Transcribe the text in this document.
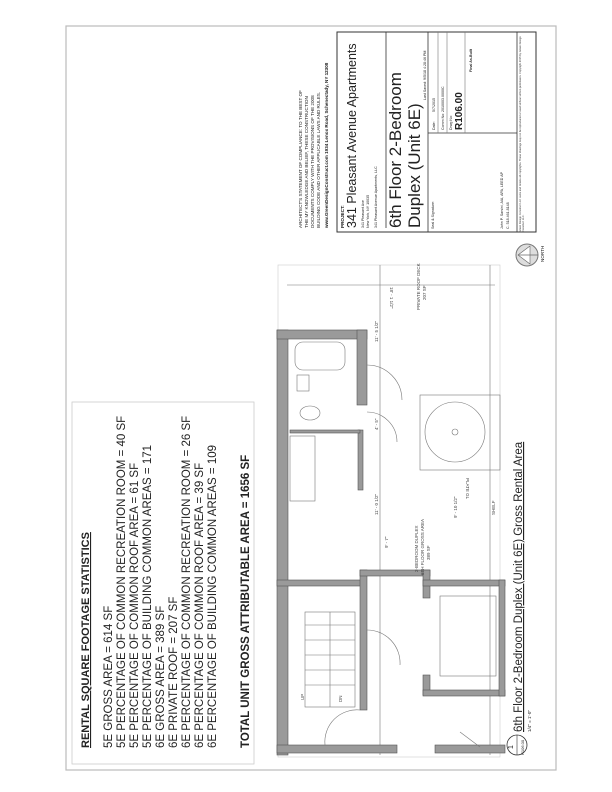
RENTAL SQUARE FOOTAGE STATISTICS 5E GROSS AREA = 614 SF 5E PERCENTAGE OF COMMON RECREATION ROOM = 40 SF 5E PERCENTAGE OF COMMON ROOF AREA = 61 SF 5E PERCENTAGE OF BUILDING COMMON AREAS = 171 6E GROSS AREA = 389 SF 6E PRIVATE ROOF = 207 SF 6E PERCENTAGE OF COMMON RECREATION ROOM = 26 SF 6E PERCENTAGE OF COMMON ROOF AREA = 39 SF 6E PERCENTAGE OF BUILDING COMMON AREAS = 109 TOTAL UNIT GROSS ATTRIBUTABLE AREA = 1656 SF
ARCHITECT'S STATEMENT OF COMPLIANCE: TO THE BEST OF THE MY KNOWLEDGE AND BELIEF, THESE CONSTRUCTION DOCUMENTS COMPLY WITH THE PROVISIONS OF THE 2008 BUILDING CODE AND OTHER APPLICABLE LAWS AND RULES. www.GreenDesignConstruct.com 1934 Lenox Road, Schenectady, NY 12308 PROJECT: 341 Pleasant Avenue Apartments 341 Pleasant Ave New York, NY 10035 341 Pleasant Avenue Apartments, LLC 6th Floor 2-Bedroom Duplex (Unit 6E)
Last Saved: 9/5/18 4:28:46 PM
Seal & Signature:
Date:
5/7/2015
Comm No:
2010003.0000C
Drwg No: R106.00
Final As-Built
John P. Sarsini, AIA, APA, LEED AP C. 518.461.8148	Green Design Construct LLC owns and retains all copyrights. These drawings may not be reproduced or used without written permission. Copyright 2015 by Green Design Construct LLC.
NORTH
UP	DN
PRIVATE ROOF DECK 207 SF
2-BEDROOM DUPLEX 6TH FLOOR GROSS AREA 389 SF
PLATE GL
SHELF
18' - 1 1/2"
11' - 5 1/2"
4' - 5"
11' - 0 1/2"	9' - 10 1/2"
9' - 7"
1 R106.00
6th Floor 2-Bedroom Duplex (Unit 6E) Gross Rental Area 1/4" = 1'-0"
